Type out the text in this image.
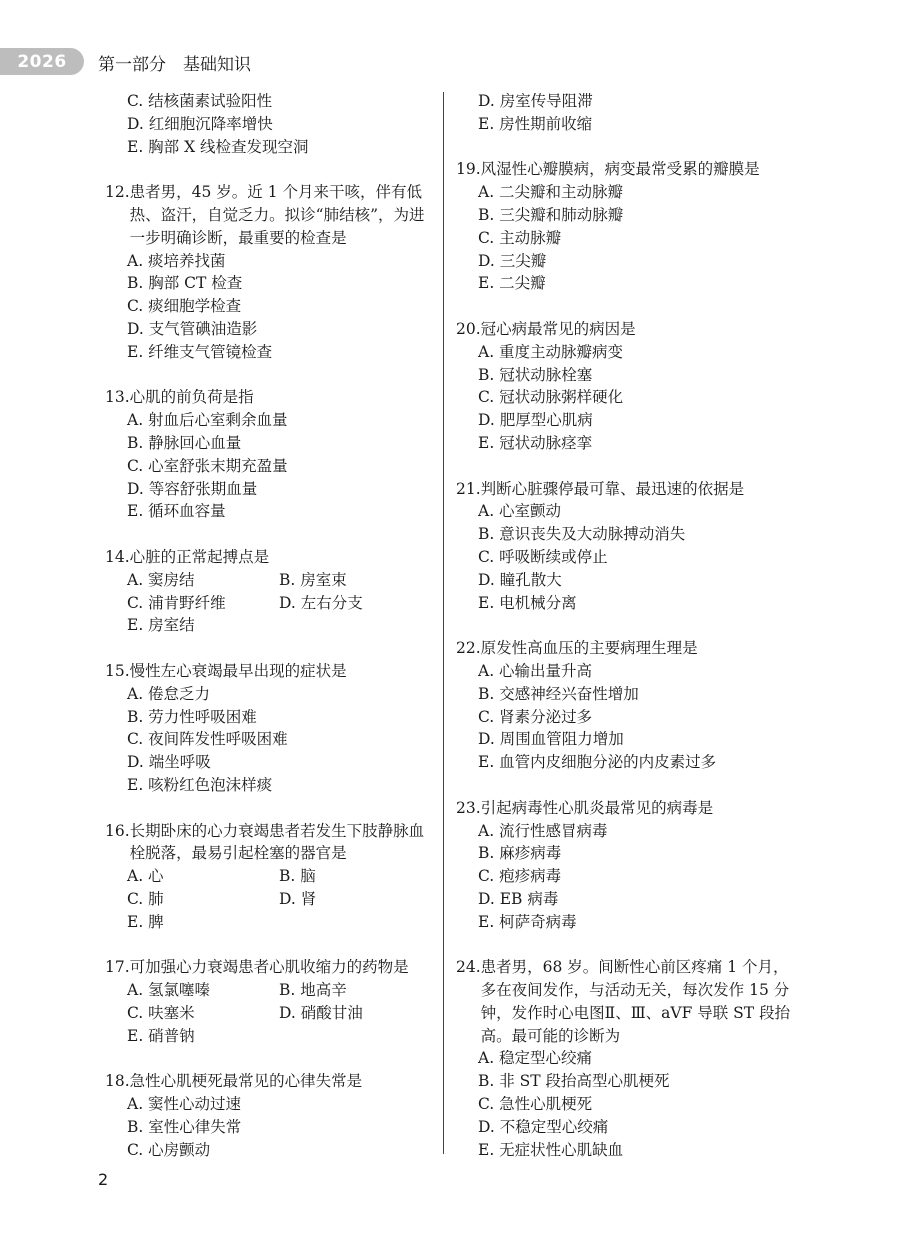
2026 第一部分　基础知识
C. 结核菌素试验阳性
D. 红细胞沉降率增快
E. 胸部 X 线检查发现空洞
12. 患者男，45 岁。近 1 个月来干咳，伴有低热、盗汗，自觉乏力。拟诊“肺结核”，为进一步明确诊断，最重要的检查是
A. 痰培养找菌
B. 胸部 CT 检查
C. 痰细胞学检查
D. 支气管碘油造影
E. 纤维支气管镜检查
13. 心肌的前负荷是指
A. 射血后心室剩余血量
B. 静脉回心血量
C. 心室舒张末期充盈量
D. 等容舒张期血量
E. 循环血容量
14. 心脏的正常起搏点是
A. 窦房结	B. 房室束
C. 浦肯野纤维	D. 左右分支
E. 房室结
15. 慢性左心衰竭最早出现的症状是
A. 倦怠乏力
B. 劳力性呼吸困难
C. 夜间阵发性呼吸困难
D. 端坐呼吸
E. 咳粉红色泡沫样痰
16. 长期卧床的心力衰竭患者若发生下肢静脉血栓脱落，最易引起栓塞的器官是
A. 心	B. 脑
C. 肺	D. 肾
E. 脾
17. 可加强心力衰竭患者心肌收缩力的药物是
A. 氢氯噻嗪	B. 地高辛
C. 呋塞米	D. 硝酸甘油
E. 硝普钠
18. 急性心肌梗死最常见的心律失常是
A. 窦性心动过速
B. 室性心律失常
C. 心房颤动
D. 房室传导阻滞
E. 房性期前收缩
19. 风湿性心瓣膜病，病变最常受累的瓣膜是
A. 二尖瓣和主动脉瓣
B. 三尖瓣和肺动脉瓣
C. 主动脉瓣
D. 三尖瓣
E. 二尖瓣
20. 冠心病最常见的病因是
A. 重度主动脉瓣病变
B. 冠状动脉栓塞
C. 冠状动脉粥样硬化
D. 肥厚型心肌病
E. 冠状动脉痉挛
21. 判断心脏骤停最可靠、最迅速的依据是
A. 心室颤动
B. 意识丧失及大动脉搏动消失
C. 呼吸断续或停止
D. 瞳孔散大
E. 电机械分离
22. 原发性高血压的主要病理生理是
A. 心输出量升高
B. 交感神经兴奋性增加
C. 肾素分泌过多
D. 周围血管阻力增加
E. 血管内皮细胞分泌的内皮素过多
23. 引起病毒性心肌炎最常见的病毒是
A. 流行性感冒病毒
B. 麻疹病毒
C. 疱疹病毒
D. EB 病毒
E. 柯萨奇病毒
24. 患者男，68 岁。间断性心前区疼痛 1 个月，多在夜间发作，与活动无关，每次发作 15 分钟，发作时心电图Ⅱ、Ⅲ、aVF 导联 ST 段抬高。最可能的诊断为
A. 稳定型心绞痛
B. 非 ST 段抬高型心肌梗死
C. 急性心肌梗死
D. 不稳定型心绞痛
E. 无症状性心肌缺血
2
